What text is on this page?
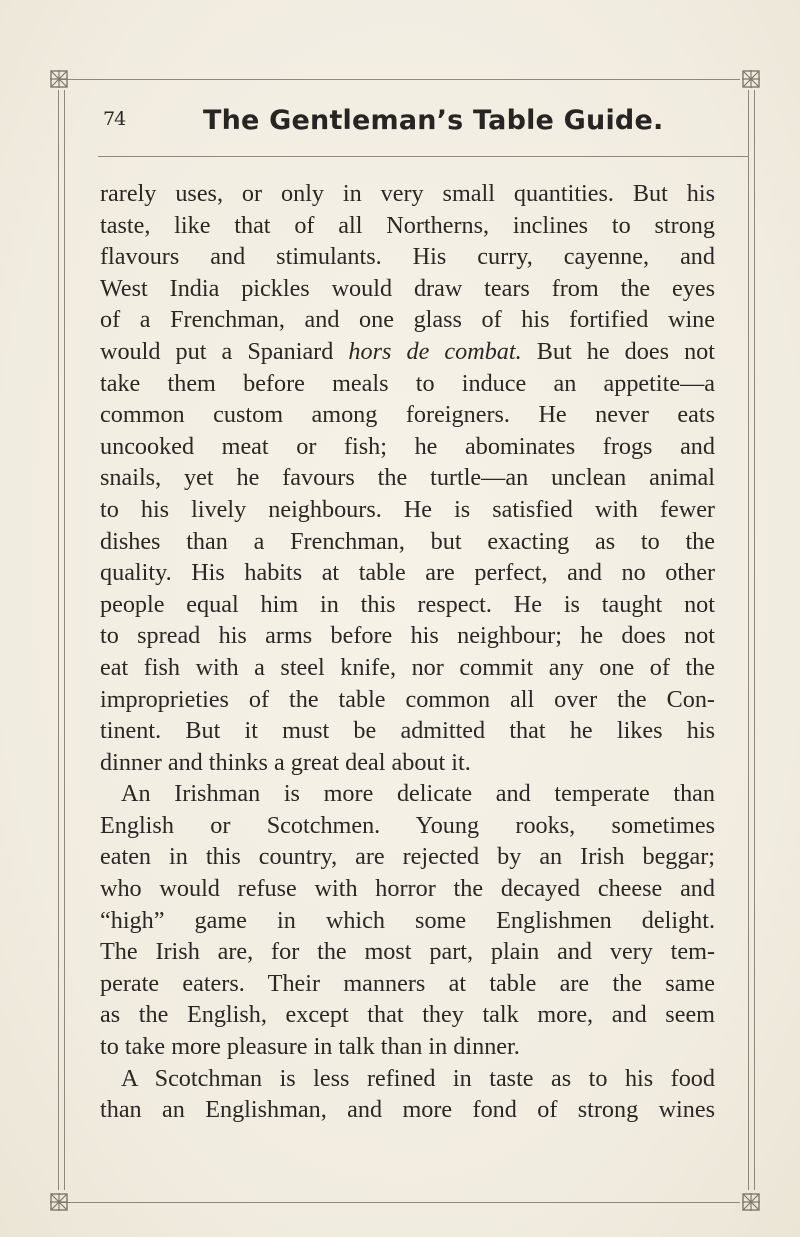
74	The Gentleman’s Table Guide.
rarely uses, or only in very small quantities. But his
taste, like that of all Northerns, inclines to strong
flavours and stimulants. His curry, cayenne, and
West India pickles would draw tears from the eyes
of a Frenchman, and one glass of his fortified wine
would put a Spaniard hors de combat. But he does not
take them before meals to induce an appetite—a
common custom among foreigners. He never eats
uncooked meat or fish; he abominates frogs and
snails, yet he favours the turtle—an unclean animal
to his lively neighbours. He is satisfied with fewer
dishes than a Frenchman, but exacting as to the
quality. His habits at table are perfect, and no other
people equal him in this respect. He is taught not
to spread his arms before his neighbour; he does not
eat fish with a steel knife, nor commit any one of the
improprieties of the table common all over the Con-
tinent. But it must be admitted that he likes his
dinner and thinks a great deal about it.
An Irishman is more delicate and temperate than
English or Scotchmen. Young rooks, sometimes
eaten in this country, are rejected by an Irish beggar;
who would refuse with horror the decayed cheese and
“high” game in which some Englishmen delight.
The Irish are, for the most part, plain and very tem-
perate eaters. Their manners at table are the same
as the English, except that they talk more, and seem
to take more pleasure in talk than in dinner.
A Scotchman is less refined in taste as to his food
than an Englishman, and more fond of strong wines
